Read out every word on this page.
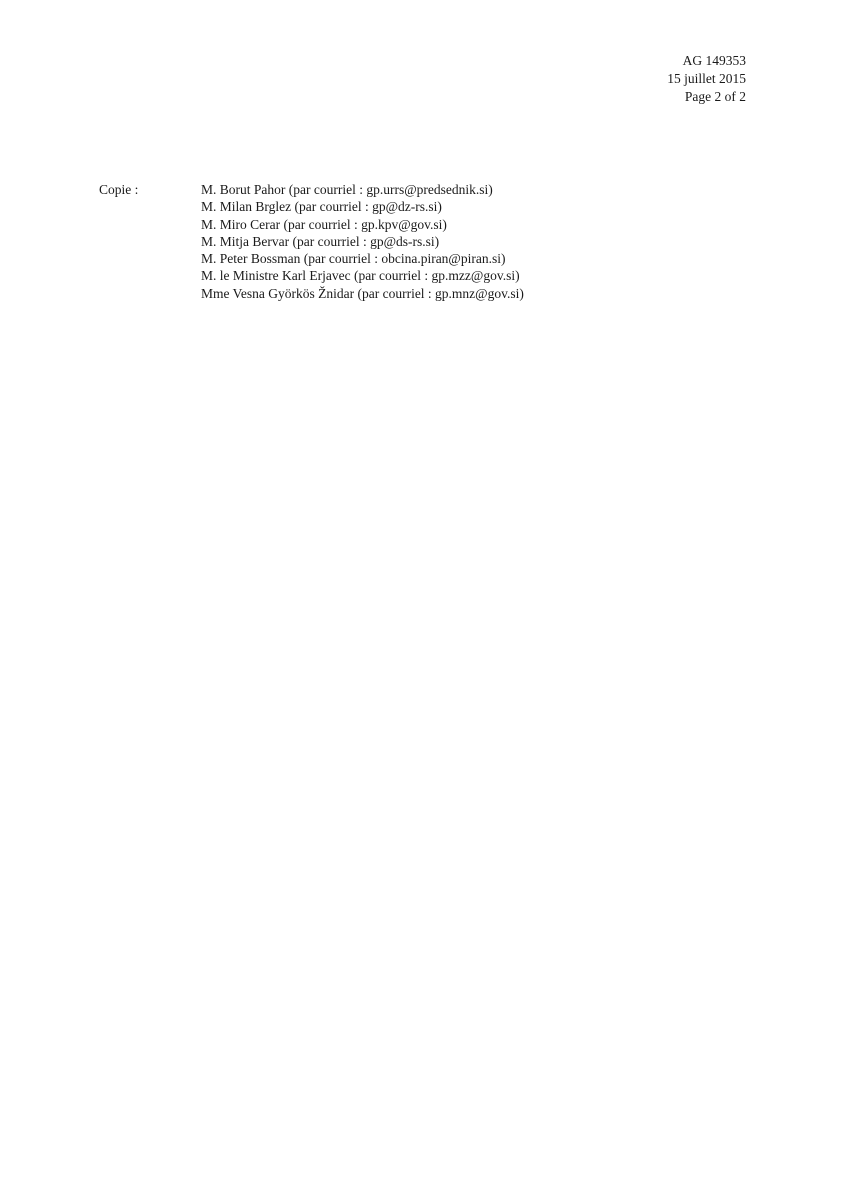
AG 149353
15 juillet 2015
Page 2 of 2
Copie :	M. Borut Pahor (par courriel : gp.urrs@predsednik.si)
M. Milan Brglez (par courriel : gp@dz-rs.si)
M. Miro Cerar (par courriel : gp.kpv@gov.si)
M. Mitja Bervar (par courriel : gp@ds-rs.si)
M. Peter Bossman (par courriel : obcina.piran@piran.si)
M. le Ministre Karl Erjavec (par courriel : gp.mzz@gov.si)
Mme Vesna Györkös Žnidar (par courriel : gp.mnz@gov.si)
